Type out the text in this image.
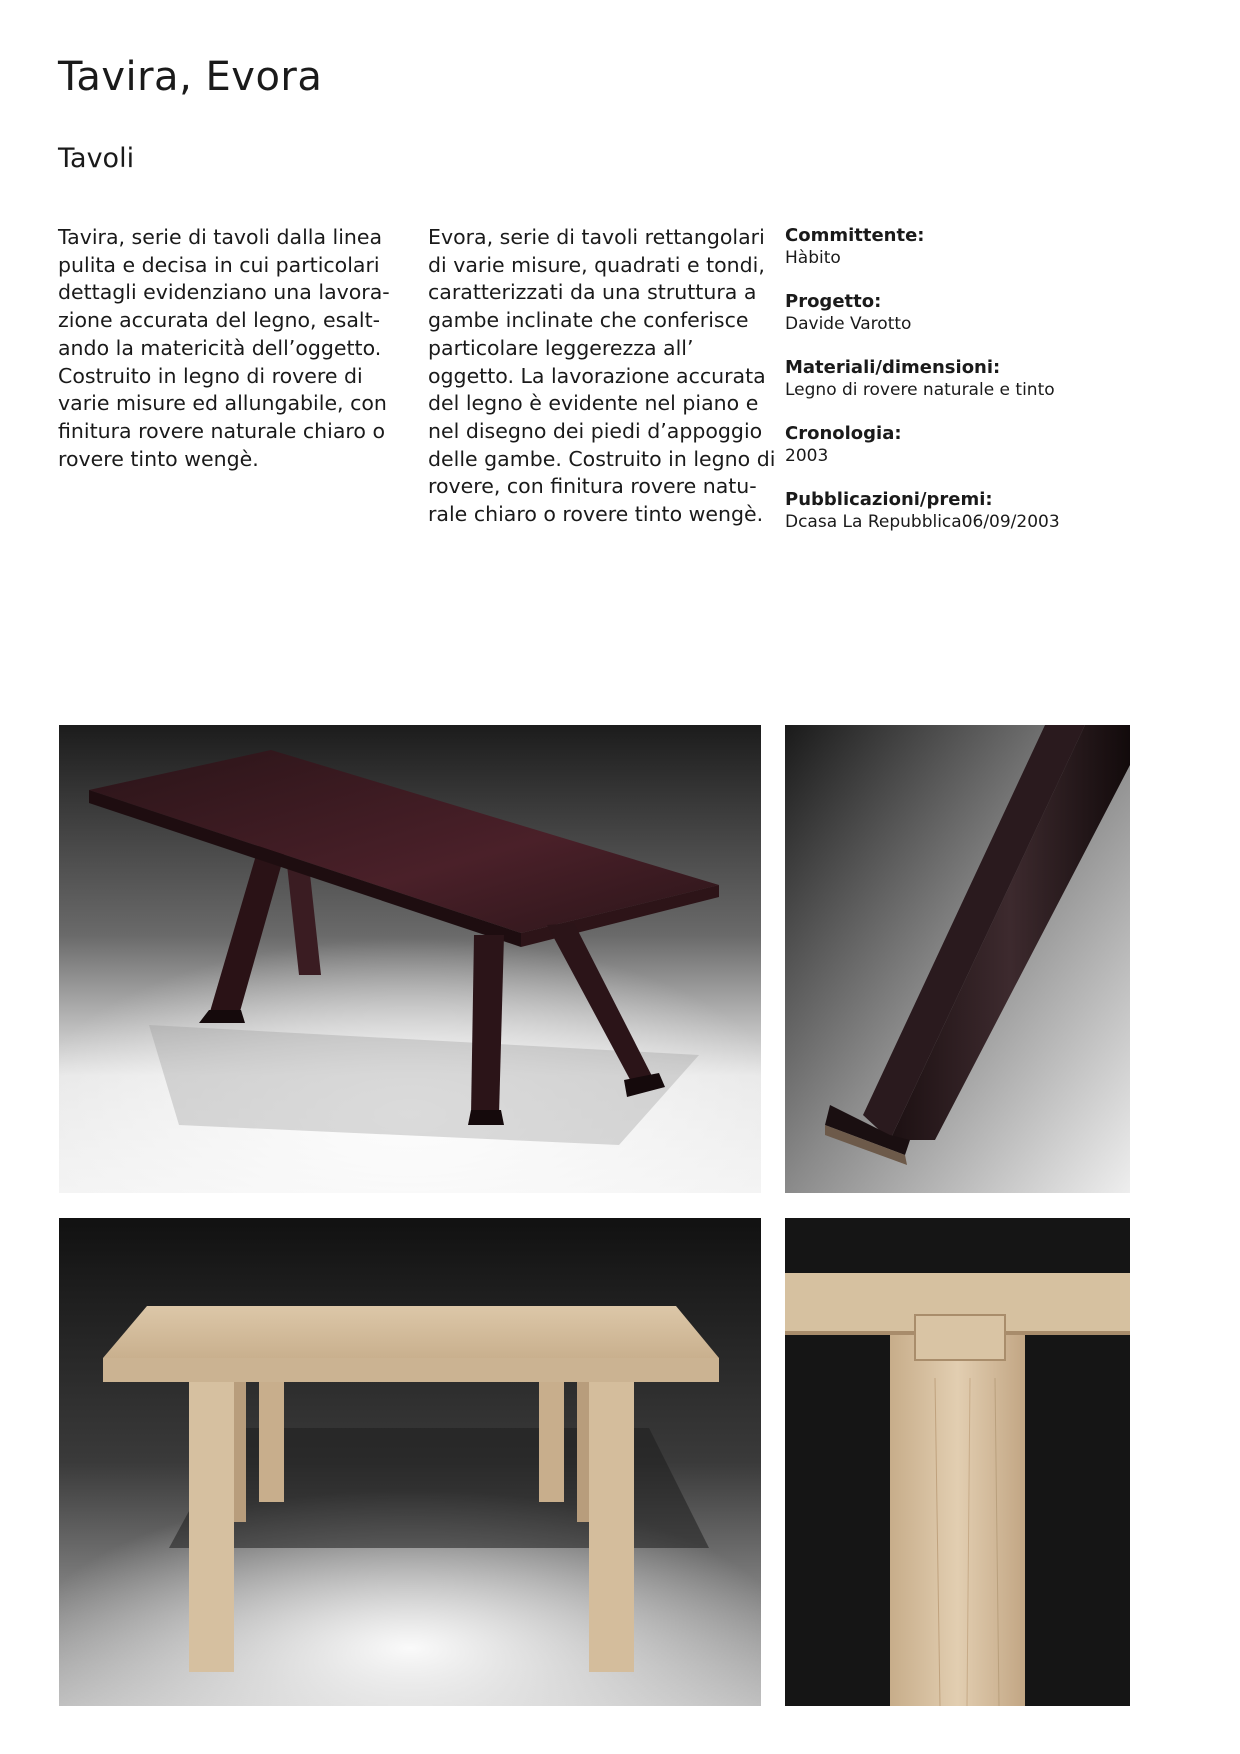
Tavira, Evora
Tavoli
Tavira, serie di tavoli dalla linea
pulita e decisa in cui particolari
dettagli evidenziano una lavora-
zione accurata del legno, esalt-
ando la matericità dell’oggetto.
Costruito in legno di rovere di
varie misure ed allungabile, con
finitura rovere naturale chiaro o
rovere tinto wengè.
Evora, serie di tavoli rettangolari
di varie misure, quadrati e tondi,
caratterizzati da una struttura a
gambe inclinate che conferisce
particolare leggerezza all’
oggetto. La lavorazione accurata
del legno è evidente nel piano e
nel disegno dei piedi d’appoggio
delle gambe. Costruito in legno di
rovere, con finitura rovere natu-
rale chiaro o rovere tinto wengè.
Committente:
Hàbito
Progetto:
Davide Varotto
Materiali/dimensioni:
Legno di rovere naturale e tinto
Cronologia:
2003
Pubblicazioni/premi:
Dcasa La Repubblica06/09/2003
